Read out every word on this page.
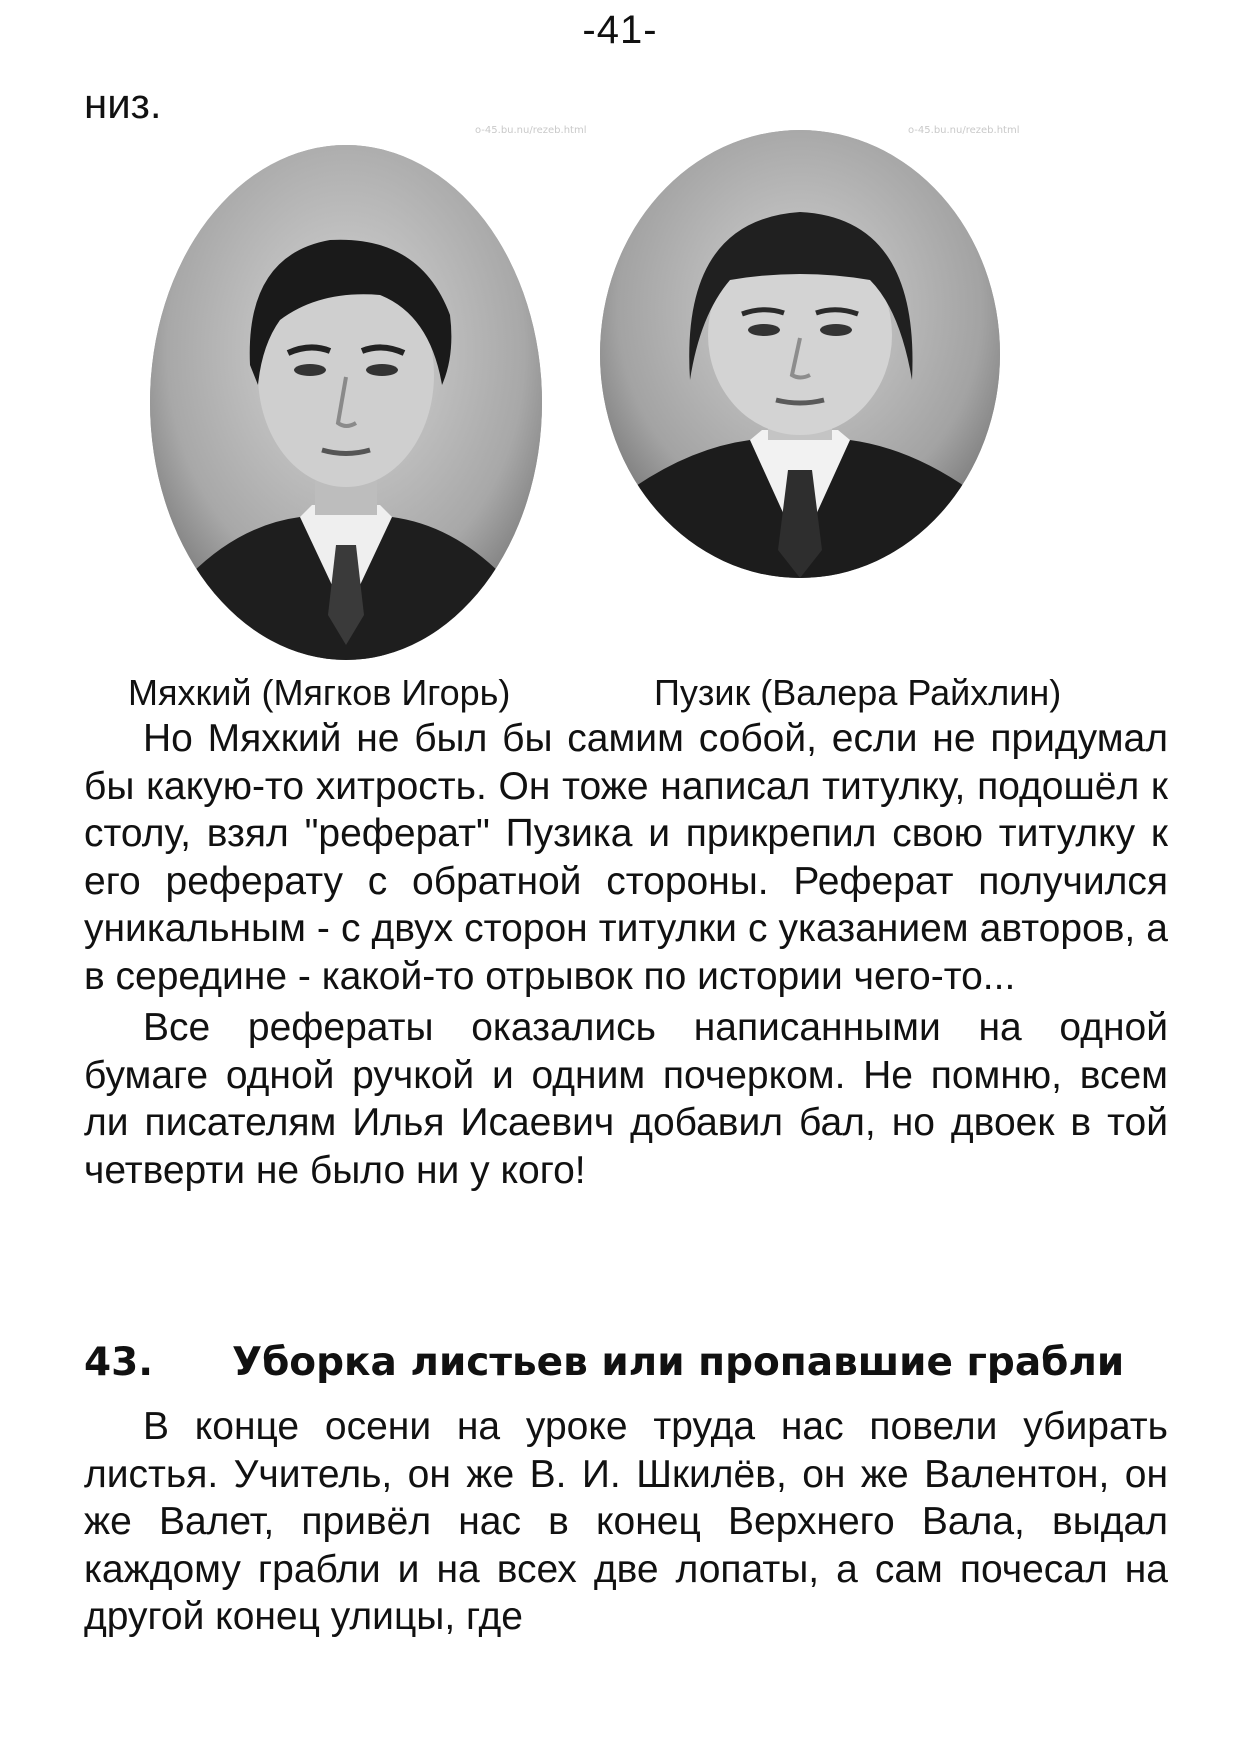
-41-
низ.
o-45.bu.nu/rezeb.html	o-45.bu.nu/rezeb.html
Мяхкий (Мягков Игорь)	Пузик (Валера Райхлин)

Но Мяхкий не был бы самим собой, если не придумал бы какую-то хитрость. Он тоже написал титулку, подошёл к столу, взял "реферат" Пузика и прикрепил свою титулку к его реферату с обратной стороны. Реферат получился уникальным - с двух сторон титулки с указанием авторов, а в середине - какой-то отрывок по истории чего-то...

Все рефераты оказались написанными на одной бумаге одной ручкой и одним почерком. Не помню, всем ли писателям Илья Исаевич добавил бал, но двоек в той четверти не было ни у кого!

43. Уборка листьев или пропавшие грабли

В конце осени на уроке труда нас повели убирать листья. Учитель, он же В. И. Шкилёв, он же Валентон, он же Валет, привёл нас в конец Верхнего Вала, выдал каждому грабли и на всех две лопаты, а сам почесал на другой конец улицы, где
